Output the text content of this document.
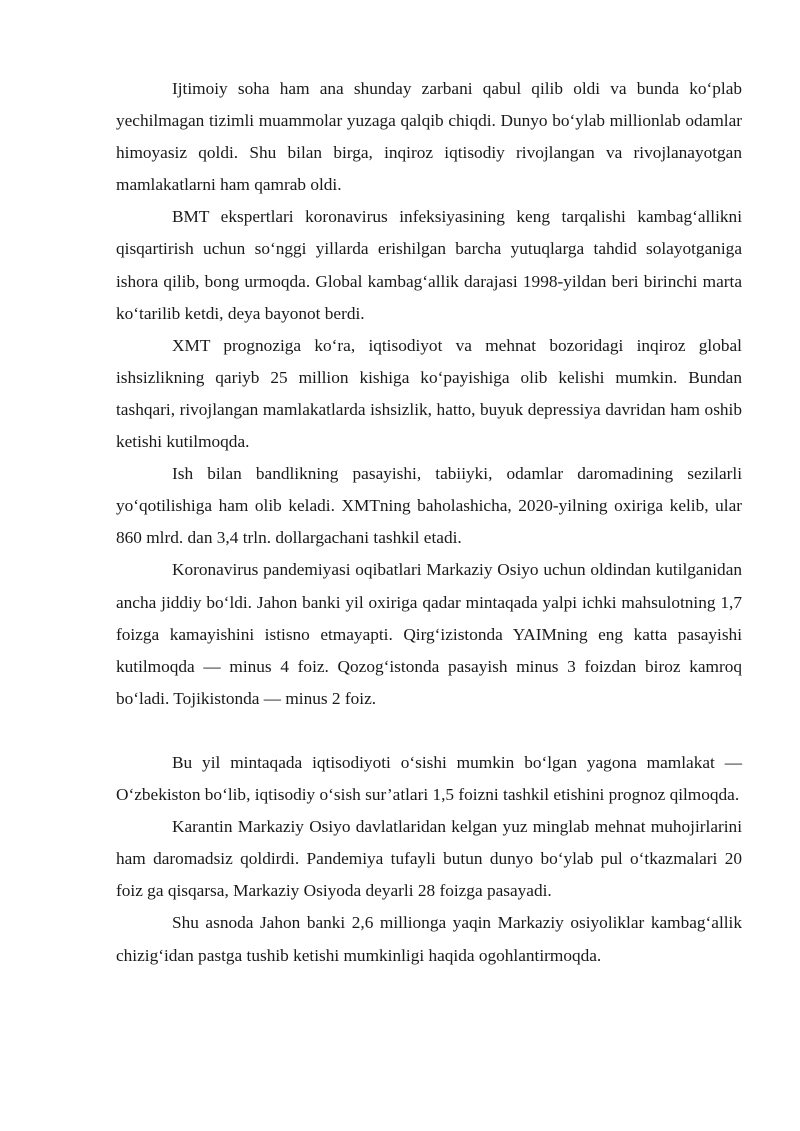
Ijtimoiy soha ham ana shunday zarbani qabul qilib oldi va bunda ko‘plab yechilmagan tizimli muammolar yuzaga qalqib chiqdi. Dunyo bo‘ylab millionlab odamlar himoyasiz qoldi. Shu bilan birga, inqiroz iqtisodiy rivojlangan va rivojlanayotgan mamlakatlarni ham qamrab oldi.

BMT ekspertlari koronavirus infeksiyasining keng tarqalishi kambag‘allikni qisqartirish uchun so‘nggi yillarda erishilgan barcha yutuqlarga tahdid solayotganiga ishora qilib, bong urmoqda. Global kambag‘allik darajasi 1998-yildan beri birinchi marta ko‘tarilib ketdi, deya bayonot berdi.

XMT prognoziga ko‘ra, iqtisodiyot va mehnat bozoridagi inqiroz global ishsizlikning qariyb 25 million kishiga ko‘payishiga olib kelishi mumkin. Bundan tashqari, rivojlangan mamlakatlarda ishsizlik, hatto, buyuk depressiya davridan ham oshib ketishi kutilmoqda.

Ish bilan bandlikning pasayishi, tabiiyki, odamlar daromadining sezilarli yo‘qotilishiga ham olib keladi. XMTning baholashicha, 2020-yilning oxiriga kelib, ular 860 mlrd. dan 3,4 trln. dollargachani tashkil etadi.

Koronavirus pandemiyasi oqibatlari Markaziy Osiyo uchun oldindan kutilganidan ancha jiddiy bo‘ldi. Jahon banki yil oxiriga qadar mintaqada yalpi ichki mahsulotning 1,7 foizga kamayishini istisno etmayapti. Qirg‘izistonda YAIMning eng katta pasayishi kutilmoqda — minus 4 foiz. Qozog‘istonda pasayish minus 3 foizdan biroz kamroq bo‘ladi. Tojikistonda — minus 2 foiz.

Bu yil mintaqada iqtisodiyoti o‘sishi mumkin bo‘lgan yagona mamlakat — O‘zbekiston bo‘lib, iqtisodiy o‘sish sur’atlari 1,5 foizni tashkil etishini prognoz qilmoqda.

Karantin Markaziy Osiyo davlatlaridan kelgan yuz minglab mehnat muhojirlarini ham daromadsiz qoldirdi. Pandemiya tufayli butun dunyo bo‘ylab pul o‘tkazmalari 20 foiz ga qisqarsa, Markaziy Osiyoda deyarli 28 foizga pasayadi.

Shu asnoda Jahon banki 2,6 millionga yaqin Markaziy osiyoliklar kambag‘allik chizig‘idan pastga tushib ketishi mumkinligi haqida ogohlantirmoqda.
